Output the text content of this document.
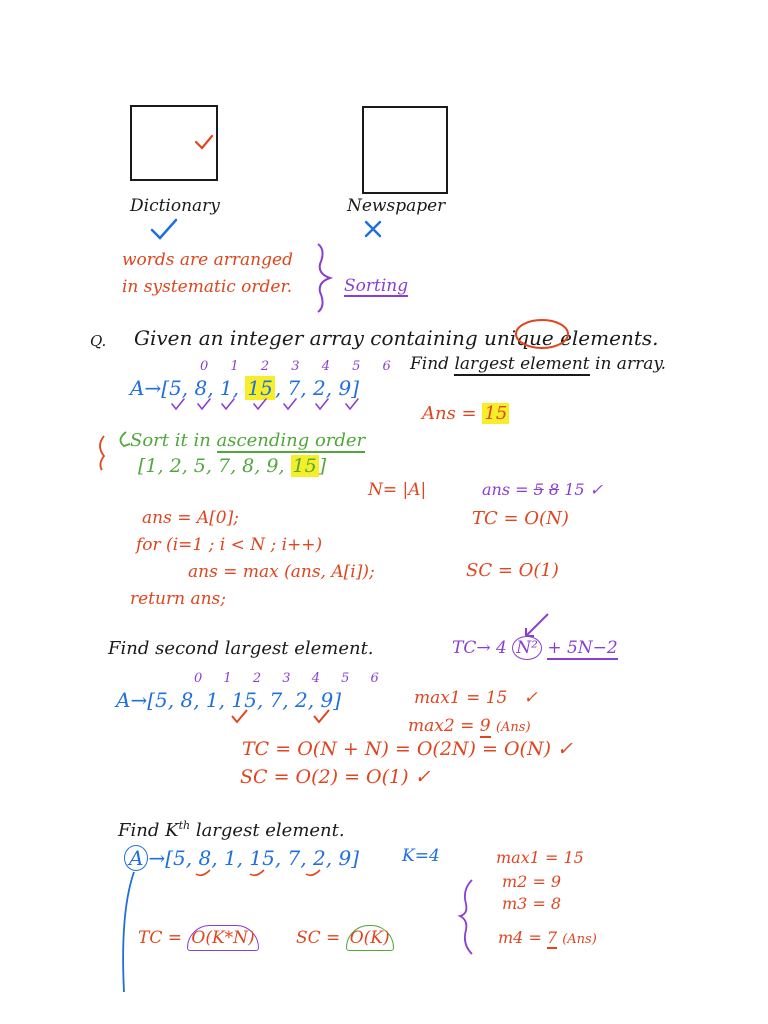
Dictionary	Newspaper
words are arranged
in systematic order.	Sorting
Q. Given an integer array containing unique elements.
Find largest element in array.
0 1 2 3 4 5 6
A→[5, 8, 1, 15 , 7, 2, 9]
Ans = 15
Sort it in ascending order
[1, 2, 5, 7, 8, 9, 15 ]
N= |A|	ans = 5 8 15 ✓
ans = A[0];
for (i=1 ; i < N ; i++)
ans = max (ans, A[i]);
return ans;
TC = O(N)
SC = O(1)
Find second largest element.	TC→ 4 N² + 5N−2
0 1 2 3 4 5 6
A→[5, 8, 1, 15, 7, 2, 9]	max1 = 15   ✓
max2 = 9 (Ans)
TC = O(N + N) = O(2N) = O(N) ✓
SC = O(2) = O(1) ✓
Find $K^{th}$ largest element.
A →[5, 8, 1, 15, 7, 2, 9]	K=4	max1 = 15
m2 = 9
m3 = 8
m4 = 7 (Ans)
TC = O(K*N) SC = O(K)
